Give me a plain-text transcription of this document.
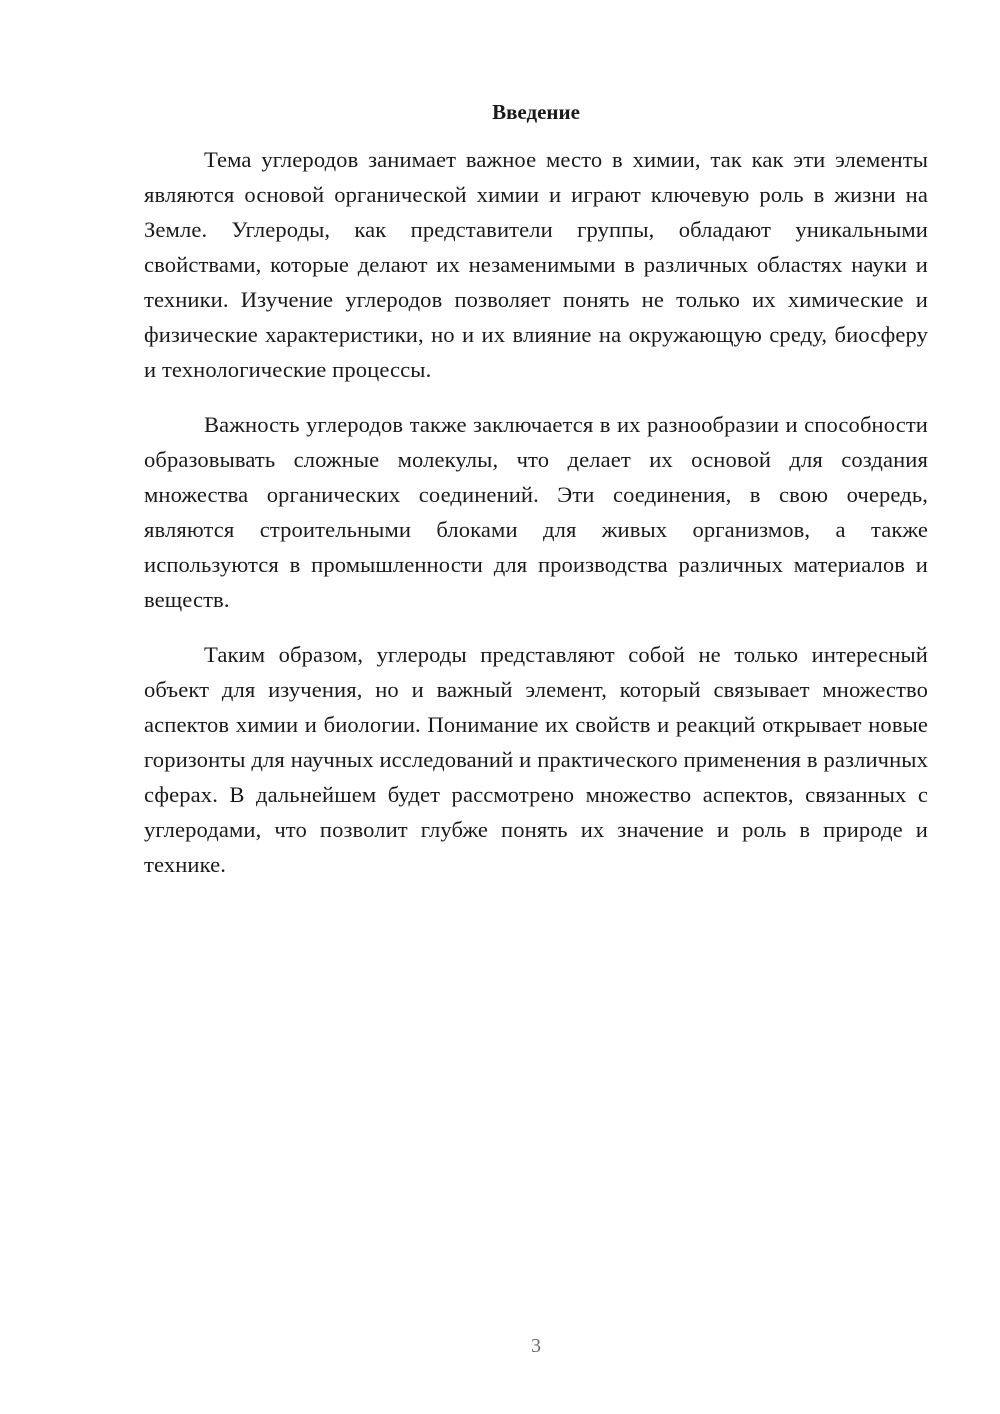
Введение

Тема углеродов занимает важное место в химии, так как эти элементы являются основой органической химии и играют ключевую роль в жизни на Земле. Углероды, как представители группы, обладают уникальными свойствами, которые делают их незаменимыми в различных областях науки и техники. Изучение углеродов позволяет понять не только их химические и физические характеристики, но и их влияние на окружающую среду, биосферу и технологические процессы.

Важность углеродов также заключается в их разнообразии и способности образовывать сложные молекулы, что делает их основой для создания множества органических соединений. Эти соединения, в свою очередь, являются строительными блоками для живых организмов, а также используются в промышленности для производства различных материалов и веществ.

Таким образом, углероды представляют собой не только интересный объект для изучения, но и важный элемент, который связывает множество аспектов химии и биологии. Понимание их свойств и реакций открывает новые горизонты для научных исследований и практического применения в различных сферах. В дальнейшем будет рассмотрено множество аспектов, связанных с углеродами, что позволит глубже понять их значение и роль в природе и технике.

3
